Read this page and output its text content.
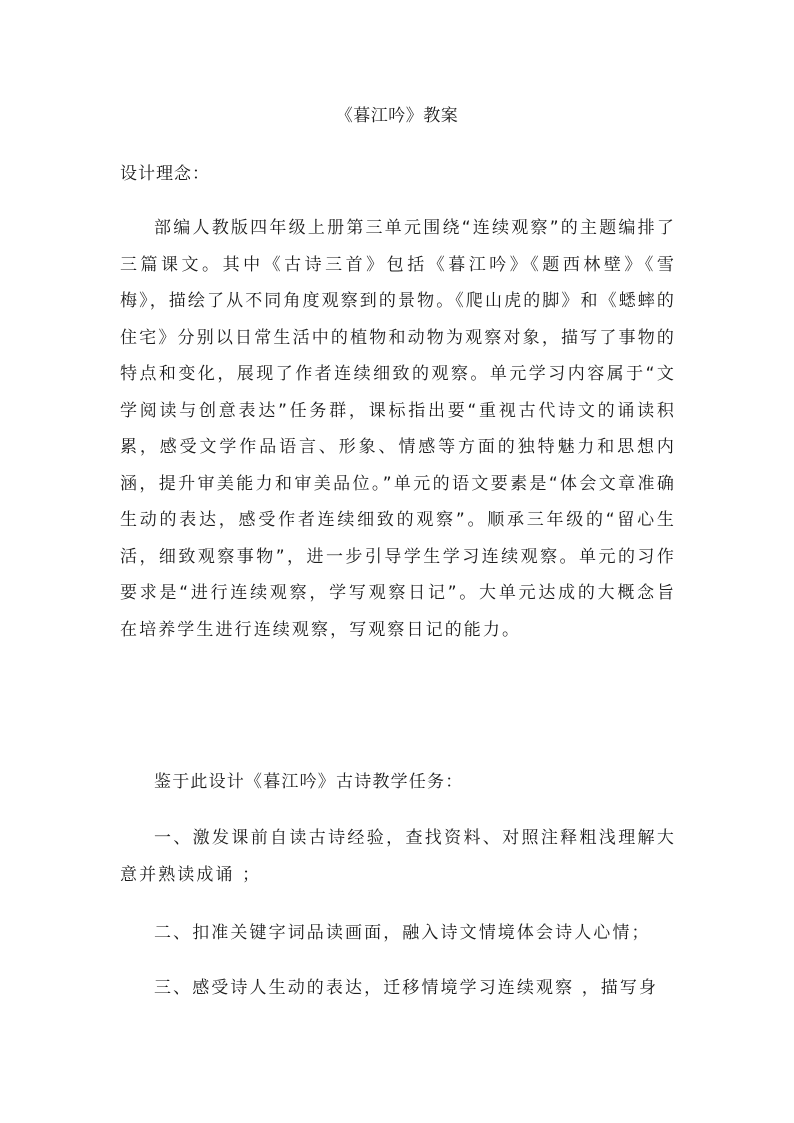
《暮江吟》教案
设计理念：

部编人教版四年级上册第三单元围绕“连续观察”的主题编排了三篇课文。其中《古诗三首》包括《暮江吟》《题西林壁》《雪梅》，描绘了从不同角度观察到的景物。《爬山虎的脚》和《蟋蟀的住宅》分别以日常生活中的植物和动物为观察对象，描写了事物的特点和变化，展现了作者连续细致的观察。单元学习内容属于“文学阅读与创意表达”任务群，课标指出要“重视古代诗文的诵读积累，感受文学作品语言、形象、情感等方面的独特魅力和思想内涵，提升审美能力和审美品位。”单元的语文要素是“体会文章准确生动的表达，感受作者连续细致的观察”。顺承三年级的“留心生活，细致观察事物”，进一步引导学生学习连续观察。单元的习作要求是“进行连续观察，学写观察日记”。大单元达成的大概念旨在培养学生进行连续观察，写观察日记的能力。

鉴于此设计《暮江吟》古诗教学任务：

一、激发课前自读古诗经验，查找资料、对照注释粗浅理解大意并熟读成诵 ；

二、扣准关键字词品读画面，融入诗文情境体会诗人心情；

三、感受诗人生动的表达，迁移情境学习连续观察 ，描写身
